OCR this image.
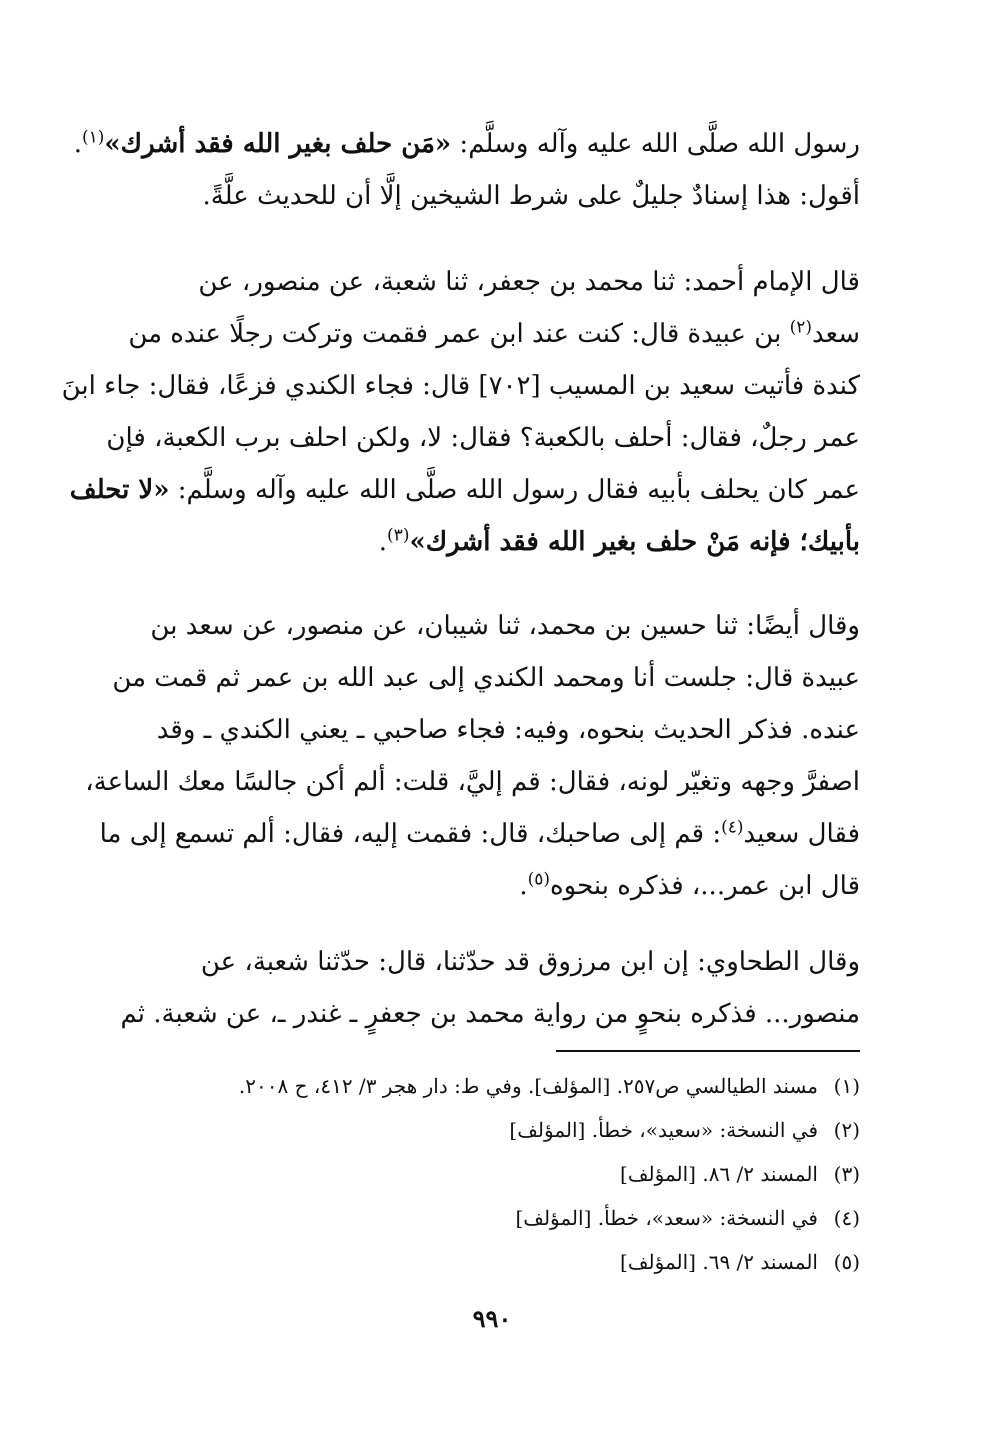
رسول الله صلَّى الله عليه وآله وسلَّم: «مَن حلف بغير الله فقد أشرك»$^{(١)}$.
أقول: هذا إسنادٌ جليلٌ على شرط الشيخين إلَّا أن للحديث علَّةً.
قال الإمام أحمد: ثنا محمد بن جعفر، ثنا شعبة، عن منصور، عن
سعد$^{(٢)}$ بن عبيدة قال: كنت عند ابن عمر فقمت وتركت رجلًا عنده من
كندة فأتيت سعيد بن المسيب [٧٠٢] قال: فجاء الكندي فزعًا، فقال: جاء ابنَ
عمر رجلٌ، فقال: أحلف بالكعبة؟ فقال: لا، ولكن احلف برب الكعبة، فإن
عمر كان يحلف بأبيه فقال رسول الله صلَّى الله عليه وآله وسلَّم: «لا تحلف
بأبيك؛ فإنه مَنْ حلف بغير الله فقد أشرك»$^{(٣)}$.
وقال أيضًا: ثنا حسين بن محمد، ثنا شيبان، عن منصور، عن سعد بن
عبيدة قال: جلست أنا ومحمد الكندي إلى عبد الله بن عمر ثم قمت من
عنده. فذكر الحديث بنحوه، وفيه: فجاء صاحبي ـ يعني الكندي ـ وقد
اصفرَّ وجهه وتغيّر لونه، فقال: قم إليَّ، قلت: ألم أكن جالسًا معك الساعة،
فقال سعيد$^{(٤)}$: قم إلى صاحبك، قال: فقمت إليه، فقال: ألم تسمع إلى ما
قال ابن عمر...، فذكره بنحوه$^{(٥)}$.
وقال الطحاوي: إن ابن مرزوق قد حدّثنا، قال: حدّثنا شعبة، عن
منصور... فذكره بنحوٍ من رواية محمد بن جعفرٍ ـ غندر ـ، عن شعبة. ثم
(١)مسند الطيالسي ص٢٥٧. [المؤلف]. وفي ط: دار هجر ٣/ ٤١٢، ح ٢٠٠٨.
(٢)في النسخة: «سعيد»، خطأ. [المؤلف]
(٣)المسند ٢/ ٨٦. [المؤلف]
(٤)في النسخة: «سعد»، خطأ. [المؤلف]
(٥)المسند ٢/ ٦٩. [المؤلف]
٩٩٠
